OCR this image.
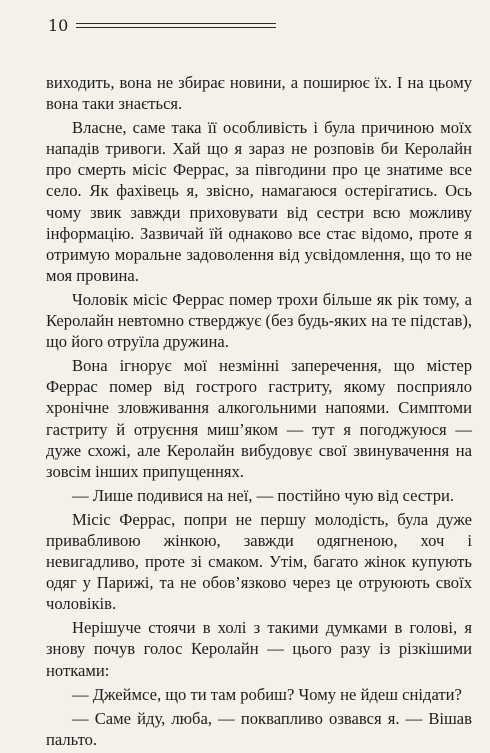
10

виходить, вона не збирає новини, а поширює їх. І на цьому вона таки знається.

Власне, саме така її особливість і була причиною моїх нападів тривоги. Хай що я зараз не розповів би Керолайн про смерть місіс Феррас, за півгодини про це знатиме все село. Як фахівець я, звісно, намагаюся остерігатись. Ось чому звик завжди приховувати від сестри всю можливу інформацію. Зазвичай їй однаково все стає відомо, проте я отримую моральне задоволення від усвідомлення, що то не моя провина.

Чоловік місіс Феррас помер трохи більше як рік тому, а Керолайн невтомно стверджує (без будь-яких на те підстав), що його отруїла дружина.

Вона ігнорує мої незмінні заперечення, що містер Феррас помер від гострого гастриту, якому посприяло хронічне зловживання алкогольними напоями. Симптоми гастриту й отруєння миш’яком — тут я погоджуюся — дуже схожі, але Керолайн вибудовує свої звинувачення на зовсім інших припущеннях.

— Лише подивися на неї, — постійно чую від сестри.

Місіс Феррас, попри не першу молодість, була дуже привабливою жінкою, завжди одягненою, хоч і невигадливо, проте зі смаком. Утім, багато жінок купують одяг у Парижі, та не обов’язково через це отруюють своїх чоловіків.

Нерішуче стоячи в холі з такими думками в голові, я знову почув голос Керолайн — цього разу із різкішими нотками:

— Джеймсе, що ти там робиш? Чому не йдеш снідати?

— Саме йду, люба, — поквапливо озвався я. — Вішав пальто.
